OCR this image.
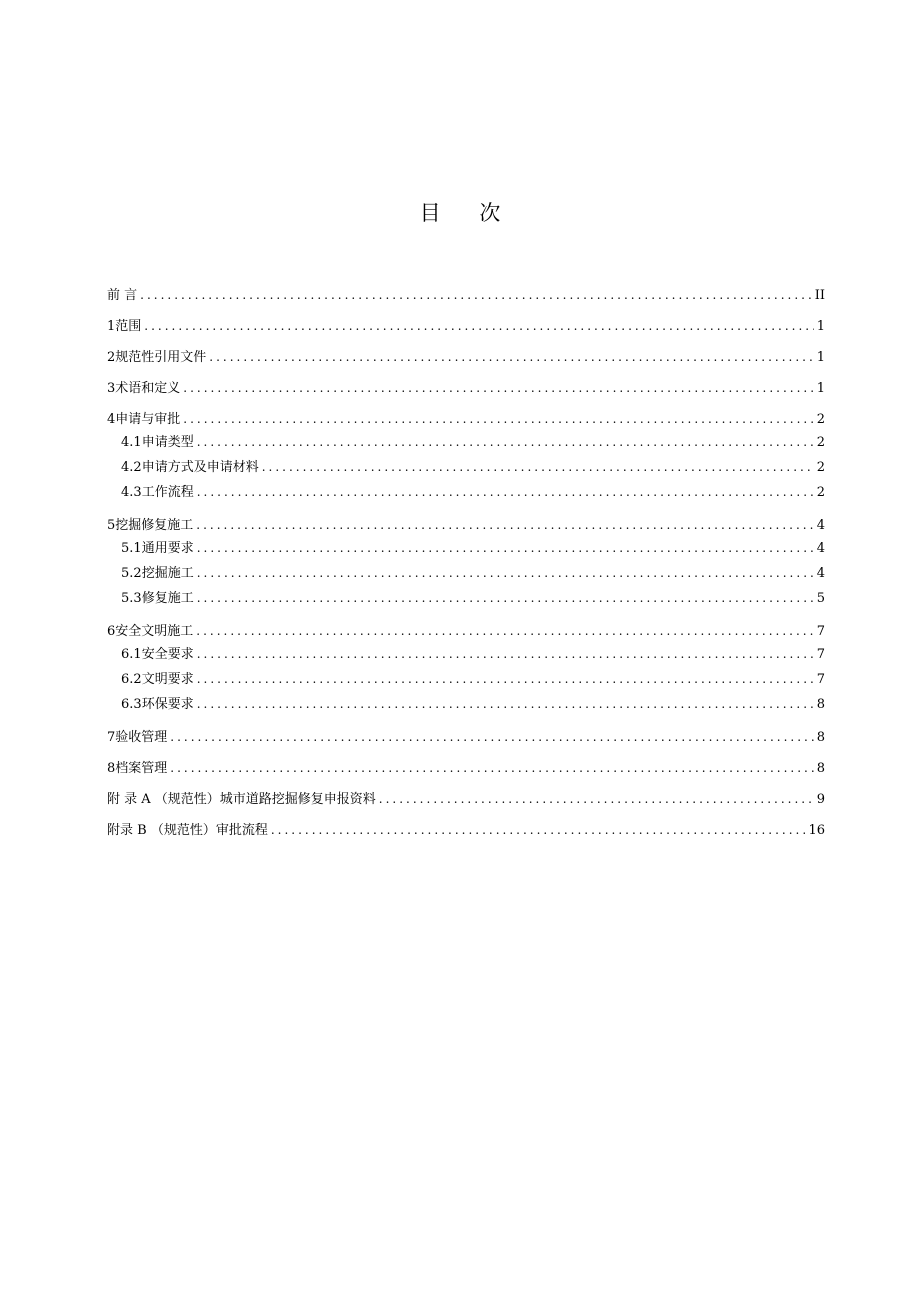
目 次
前 言 .....	II
1范围 .....	1
2规范性引用文件 .....	1
3术语和定义 .....	1
4申请与审批 .....	2
4.1 申请类型 .....	2
4.2 申请方式及申请材料 .....	2
4.3 工作流程 .....	2
5挖掘修复施工 .....	4
5.1 通用要求 .....	4
5.2 挖掘施工 .....	4
5.3 修复施工 .....	5
6安全文明施工 .....	7
6.1 安全要求 .....	7
6.2 文明要求 .....	7
6.3 环保要求 .....	8
7验收管理 .....	8
8档案管理 .....	8
附 录 A （规范性）城市道路挖掘修复申报资料 .....	9
附录 B （规范性）审批流程 .....	16
